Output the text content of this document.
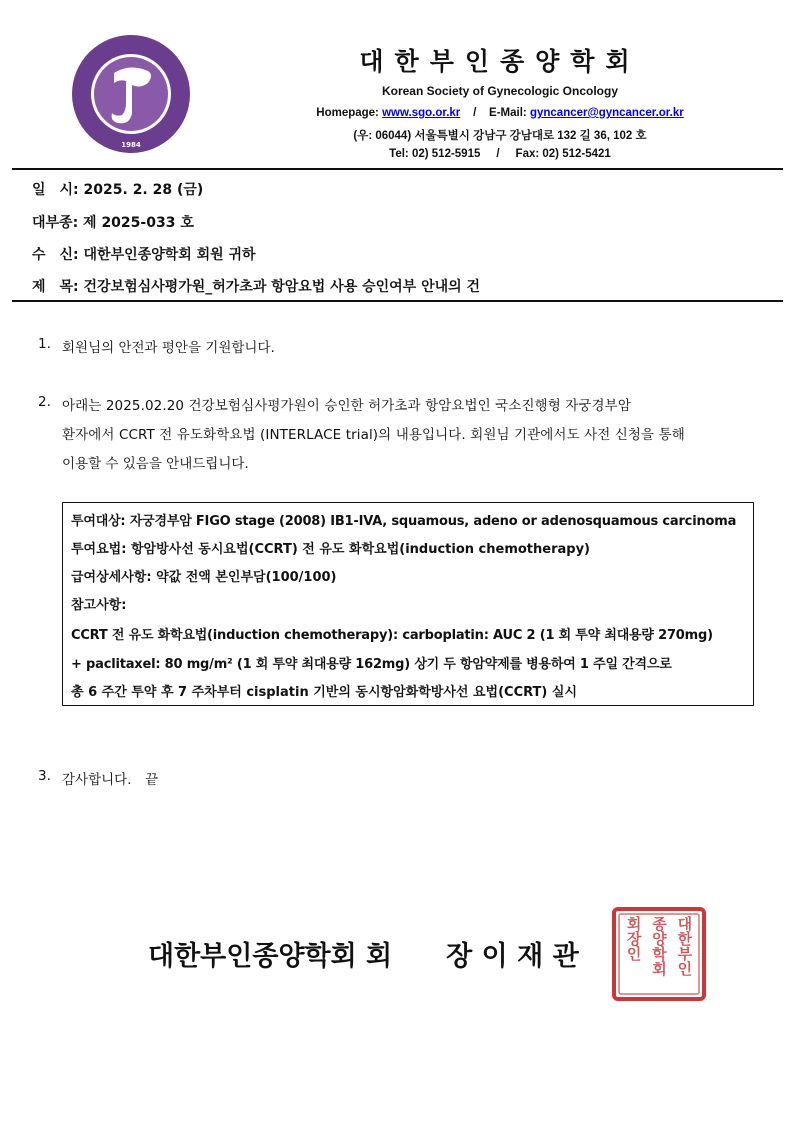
1984
대한부인종양학회
Korean Society of Gynecologic Oncology
Homepage: www.sgo.or.kr / E-Mail: gyncancer@gyncancer.or.kr
(우: 06044) 서울특별시 강남구 강남대로 132 길 36, 102 호
Tel: 02) 512-5915 / Fax: 02) 512-5421
일　시: 2025. 2. 28 (금)
대부종: 제 2025-033 호
수　신: 대한부인종양학회 회원 귀하
제　목: 건강보험심사평가원_허가초과 항암요법 사용 승인여부 안내의 건
1. 회원님의 안전과 평안을 기원합니다.
2. 아래는 2025.02.20 건강보험심사평가원이 승인한 허가초과 항암요법인 국소진행형 자궁경부암
환자에서 CCRT 전 유도화학요법 (INTERLACE trial)의 내용입니다. 회원님 기관에서도 사전 신청을 통해
이용할 수 있음을 안내드립니다.
투여대상: 자궁경부암 FIGO stage (2008) IB1-IVA, squamous, adeno or adenosquamous carcinoma
투여요법: 항암방사선 동시요법(CCRT) 전 유도 화학요법(induction chemotherapy)
급여상세사항: 약값 전액 본인부담(100/100)
참고사항:
CCRT 전 유도 화학요법(induction chemotherapy): carboplatin: AUC 2 (1 회 투약 최대용량 270mg)
+ paclitaxel: 80 mg/m² (1 회 투약 최대용량 162mg) 상기 두 항암약제를 병용하여 1 주일 간격으로
총 6 주간 투약 후 7 주차부터 cisplatin 기반의 동시항암화학방사선 요법(CCRT) 실시
3. 감사합니다.　끝
대한부인
종양학회
회장인
대한부인종양학회 회　　장 이 재 관
